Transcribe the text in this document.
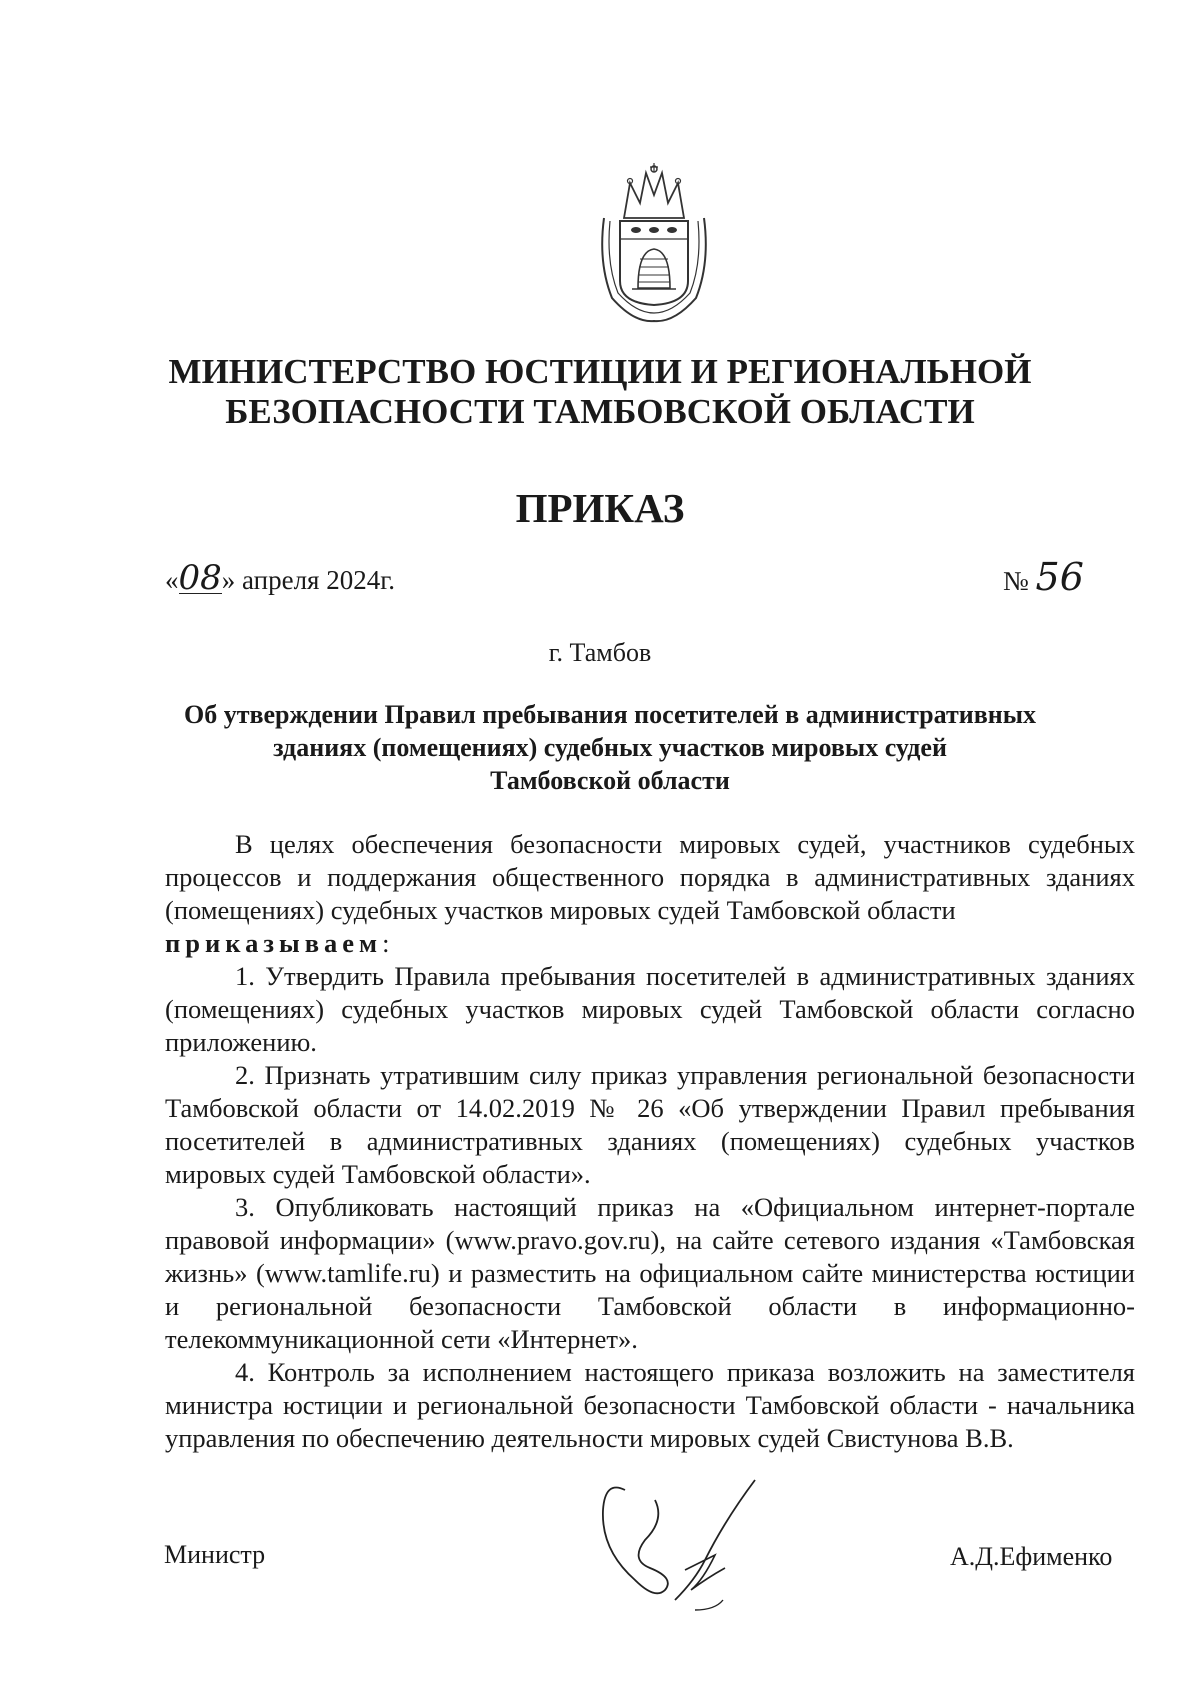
МИНИСТЕРСТВО ЮСТИЦИИ И РЕГИОНАЛЬНОЙ
БЕЗОПАСНОСТИ ТАМБОВСКОЙ ОБЛАСТИ
ПРИКАЗ
«08» апреля 2024г.	№ 56
г. Тамбов
Об утверждении Правил пребывания посетителей в административных
зданиях (помещениях) судебных участков мировых судей
Тамбовской области

В целях обеспечения безопасности мировых судей, участников судебных процессов и поддержания общественного порядка в административных зданиях (помещениях) судебных участков мировых судей Тамбовской области
приказываем:

1. Утвердить Правила пребывания посетителей в административных зданиях (помещениях) судебных участков мировых судей Тамбовской области согласно приложению.

2. Признать утратившим силу приказ управления региональной безопасности Тамбовской области от 14.02.2019 № 26 «Об утверждении Правил пребывания посетителей в административных зданиях (помещениях) судебных участков мировых судей Тамбовской области».

3. Опубликовать настоящий приказ на «Официальном интернет-портале правовой информации» (www.pravo.gov.ru), на сайте сетевого издания «Тамбовская жизнь» (www.tamlife.ru) и разместить на официальном сайте министерства юстиции и региональной безопасности Тамбовской области в информационно- телекоммуникационной сети «Интернет».

4. Контроль за исполнением настоящего приказа возложить на заместителя министра юстиции и региональной безопасности Тамбовской области - начальника управления по обеспечению деятельности мировых судей Свистунова В.В.

Министр	А.Д.Ефименко
